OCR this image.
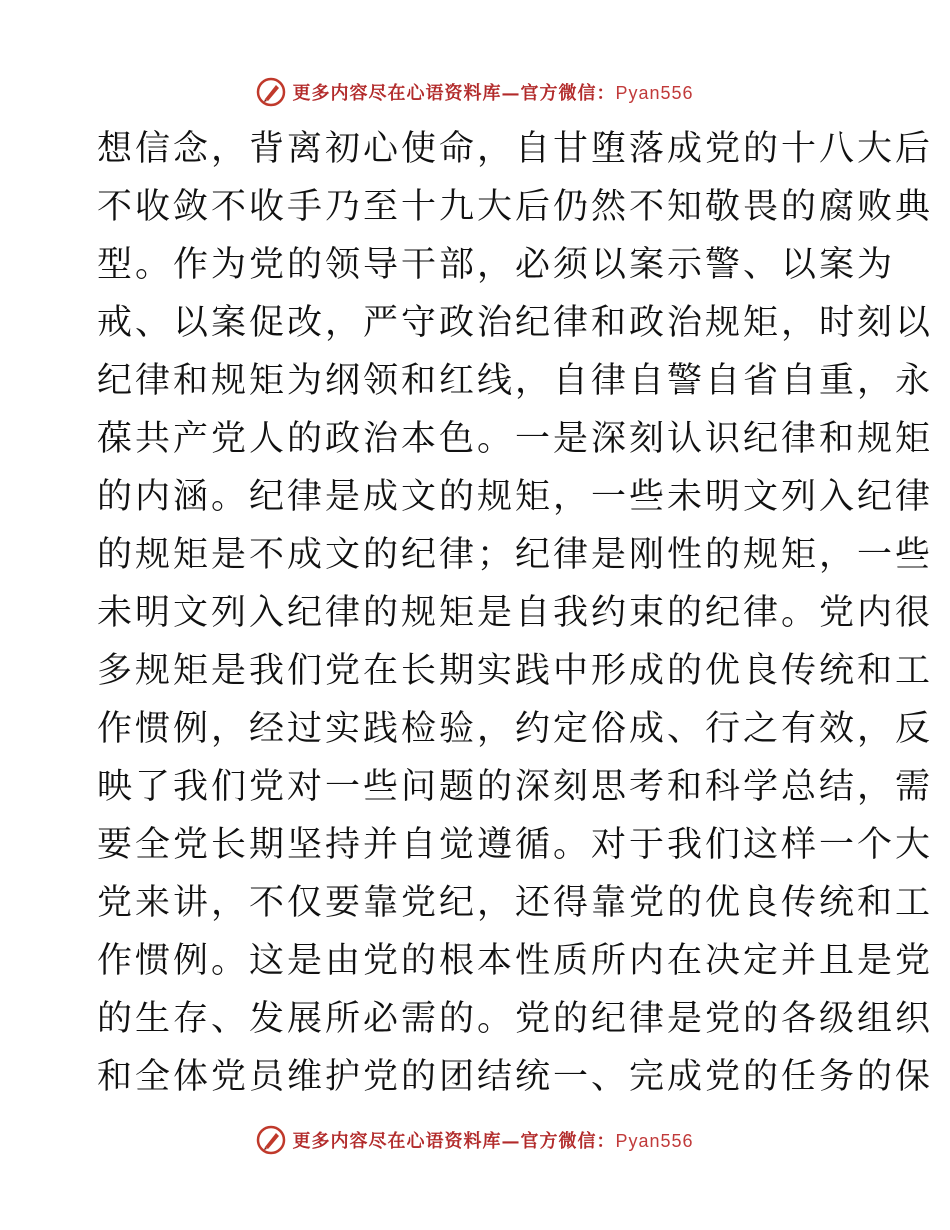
更多内容尽在心语资料库—官方微信：Pyan556
想信念，背离初心使命，自甘堕落成党的十八大后
不收敛不收手乃至十九大后仍然不知敬畏的腐败典
型。作为党的领导干部，必须以案示警、以案为
戒、以案促改，严守政治纪律和政治规矩，时刻以
纪律和规矩为纲领和红线，自律自警自省自重，永
葆共产党人的政治本色。一是深刻认识纪律和规矩
的内涵。纪律是成文的规矩，一些未明文列入纪律
的规矩是不成文的纪律；纪律是刚性的规矩，一些
未明文列入纪律的规矩是自我约束的纪律。党内很
多规矩是我们党在长期实践中形成的优良传统和工
作惯例，经过实践检验，约定俗成、行之有效，反
映了我们党对一些问题的深刻思考和科学总结，需
要全党长期坚持并自觉遵循。对于我们这样一个大
党来讲，不仅要靠党纪，还得靠党的优良传统和工
作惯例。这是由党的根本性质所内在决定并且是党
的生存、发展所必需的。党的纪律是党的各级组织
和全体党员维护党的团结统一、完成党的任务的保
更多内容尽在心语资料库—官方微信：Pyan556
